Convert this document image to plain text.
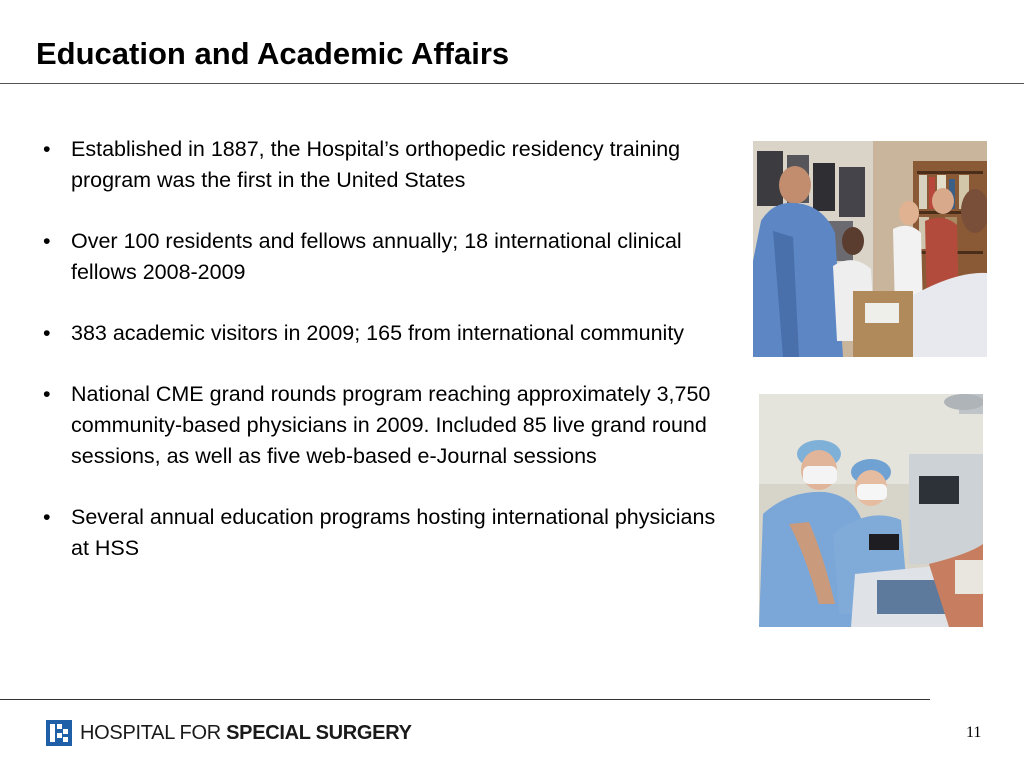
Education and Academic Affairs
• Established in 1887, the Hospital’s orthopedic residency training program was the first in the United States
• Over 100 residents and fellows annually; 18 international clinical fellows 2008-2009
• 383 academic visitors in 2009; 165 from international community
• National CME grand rounds program reaching approximately 3,750 community-based physicians in 2009. Included 85 live grand round sessions, as well as five web-based e-Journal sessions
• Several annual education programs hosting international physicians at HSS
HOSPITAL FOR SPECIAL SURGERY	11
